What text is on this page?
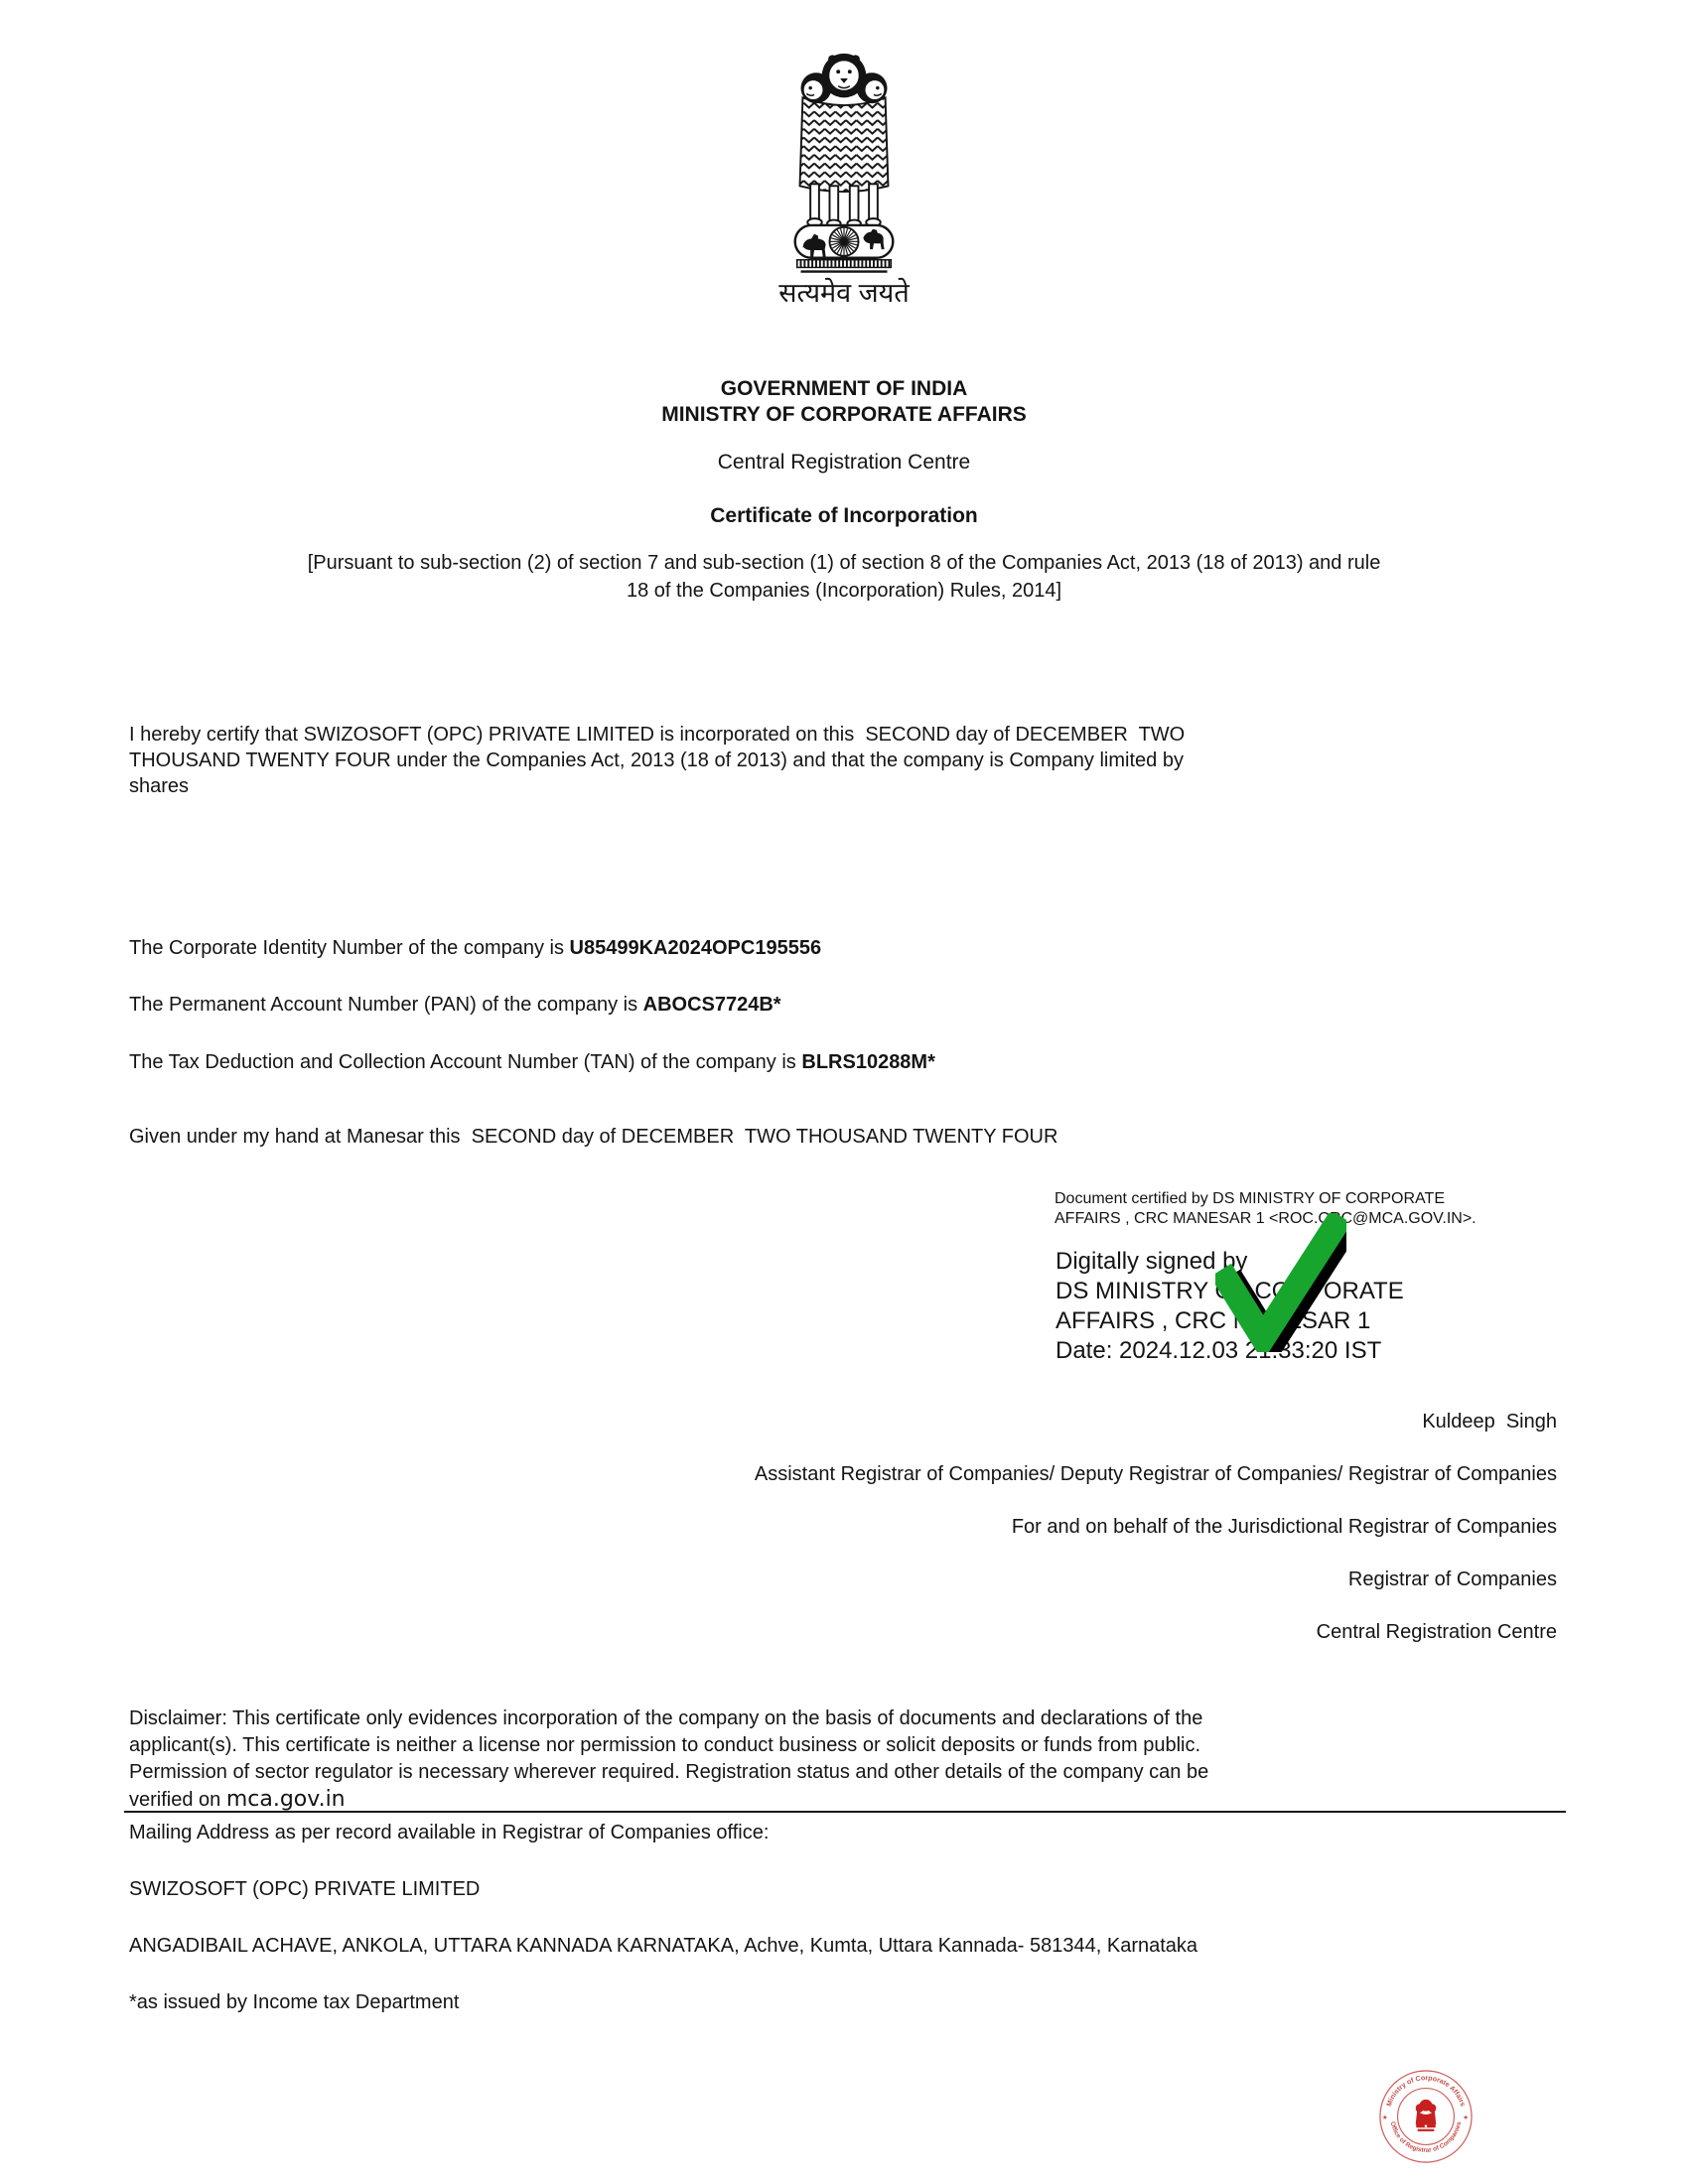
सत्यमेव जयते
GOVERNMENT OF INDIA
MINISTRY OF CORPORATE AFFAIRS
Central Registration Centre
Certificate of Incorporation
[Pursuant to sub-section (2) of section 7 and sub-section (1) of section 8 of the Companies Act, 2013 (18 of 2013) and rule
18 of the Companies (Incorporation) Rules, 2014]
I hereby certify that SWIZOSOFT (OPC) PRIVATE LIMITED is incorporated on this  SECOND day of DECEMBER  TWO
THOUSAND TWENTY FOUR under the Companies Act, 2013 (18 of 2013) and that the company is Company limited by
shares
The Corporate Identity Number of the company is U85499KA2024OPC195556
The Permanent Account Number (PAN) of the company is ABOCS7724B*
The Tax Deduction and Collection Account Number (TAN) of the company is BLRS10288M*
Given under my hand at Manesar this  SECOND day of DECEMBER  TWO THOUSAND TWENTY FOUR
Document certified by DS MINISTRY OF CORPORATE
AFFAIRS , CRC MANESAR 1 <ROC.CRC@MCA.GOV.IN>.
Digitally signed by
DS MINISTRY OF CORPORATE
AFFAIRS , CRC MANESAR 1
Date: 2024.12.03 21:33:20 IST
Kuldeep  Singh
Assistant Registrar of Companies/ Deputy Registrar of Companies/ Registrar of Companies
For and on behalf of the Jurisdictional Registrar of Companies
Registrar of Companies
Central Registration Centre
Disclaimer: This certificate only evidences incorporation of the company on the basis of documents and declarations of the
applicant(s). This certificate is neither a license nor permission to conduct business or solicit deposits or funds from public.
Permission of sector regulator is necessary wherever required. Registration status and other details of the company can be
verified on mca.gov.in
Mailing Address as per record available in Registrar of Companies office:
SWIZOSOFT (OPC) PRIVATE LIMITED
ANGADIBAIL ACHAVE, ANKOLA, UTTARA KANNADA KARNATAKA, Achve, Kumta, Uttara Kannada- 581344, Karnataka
*as issued by Income tax Department
Ministry of Corporate Affairs
Office of Registrar of Companies
★	★
